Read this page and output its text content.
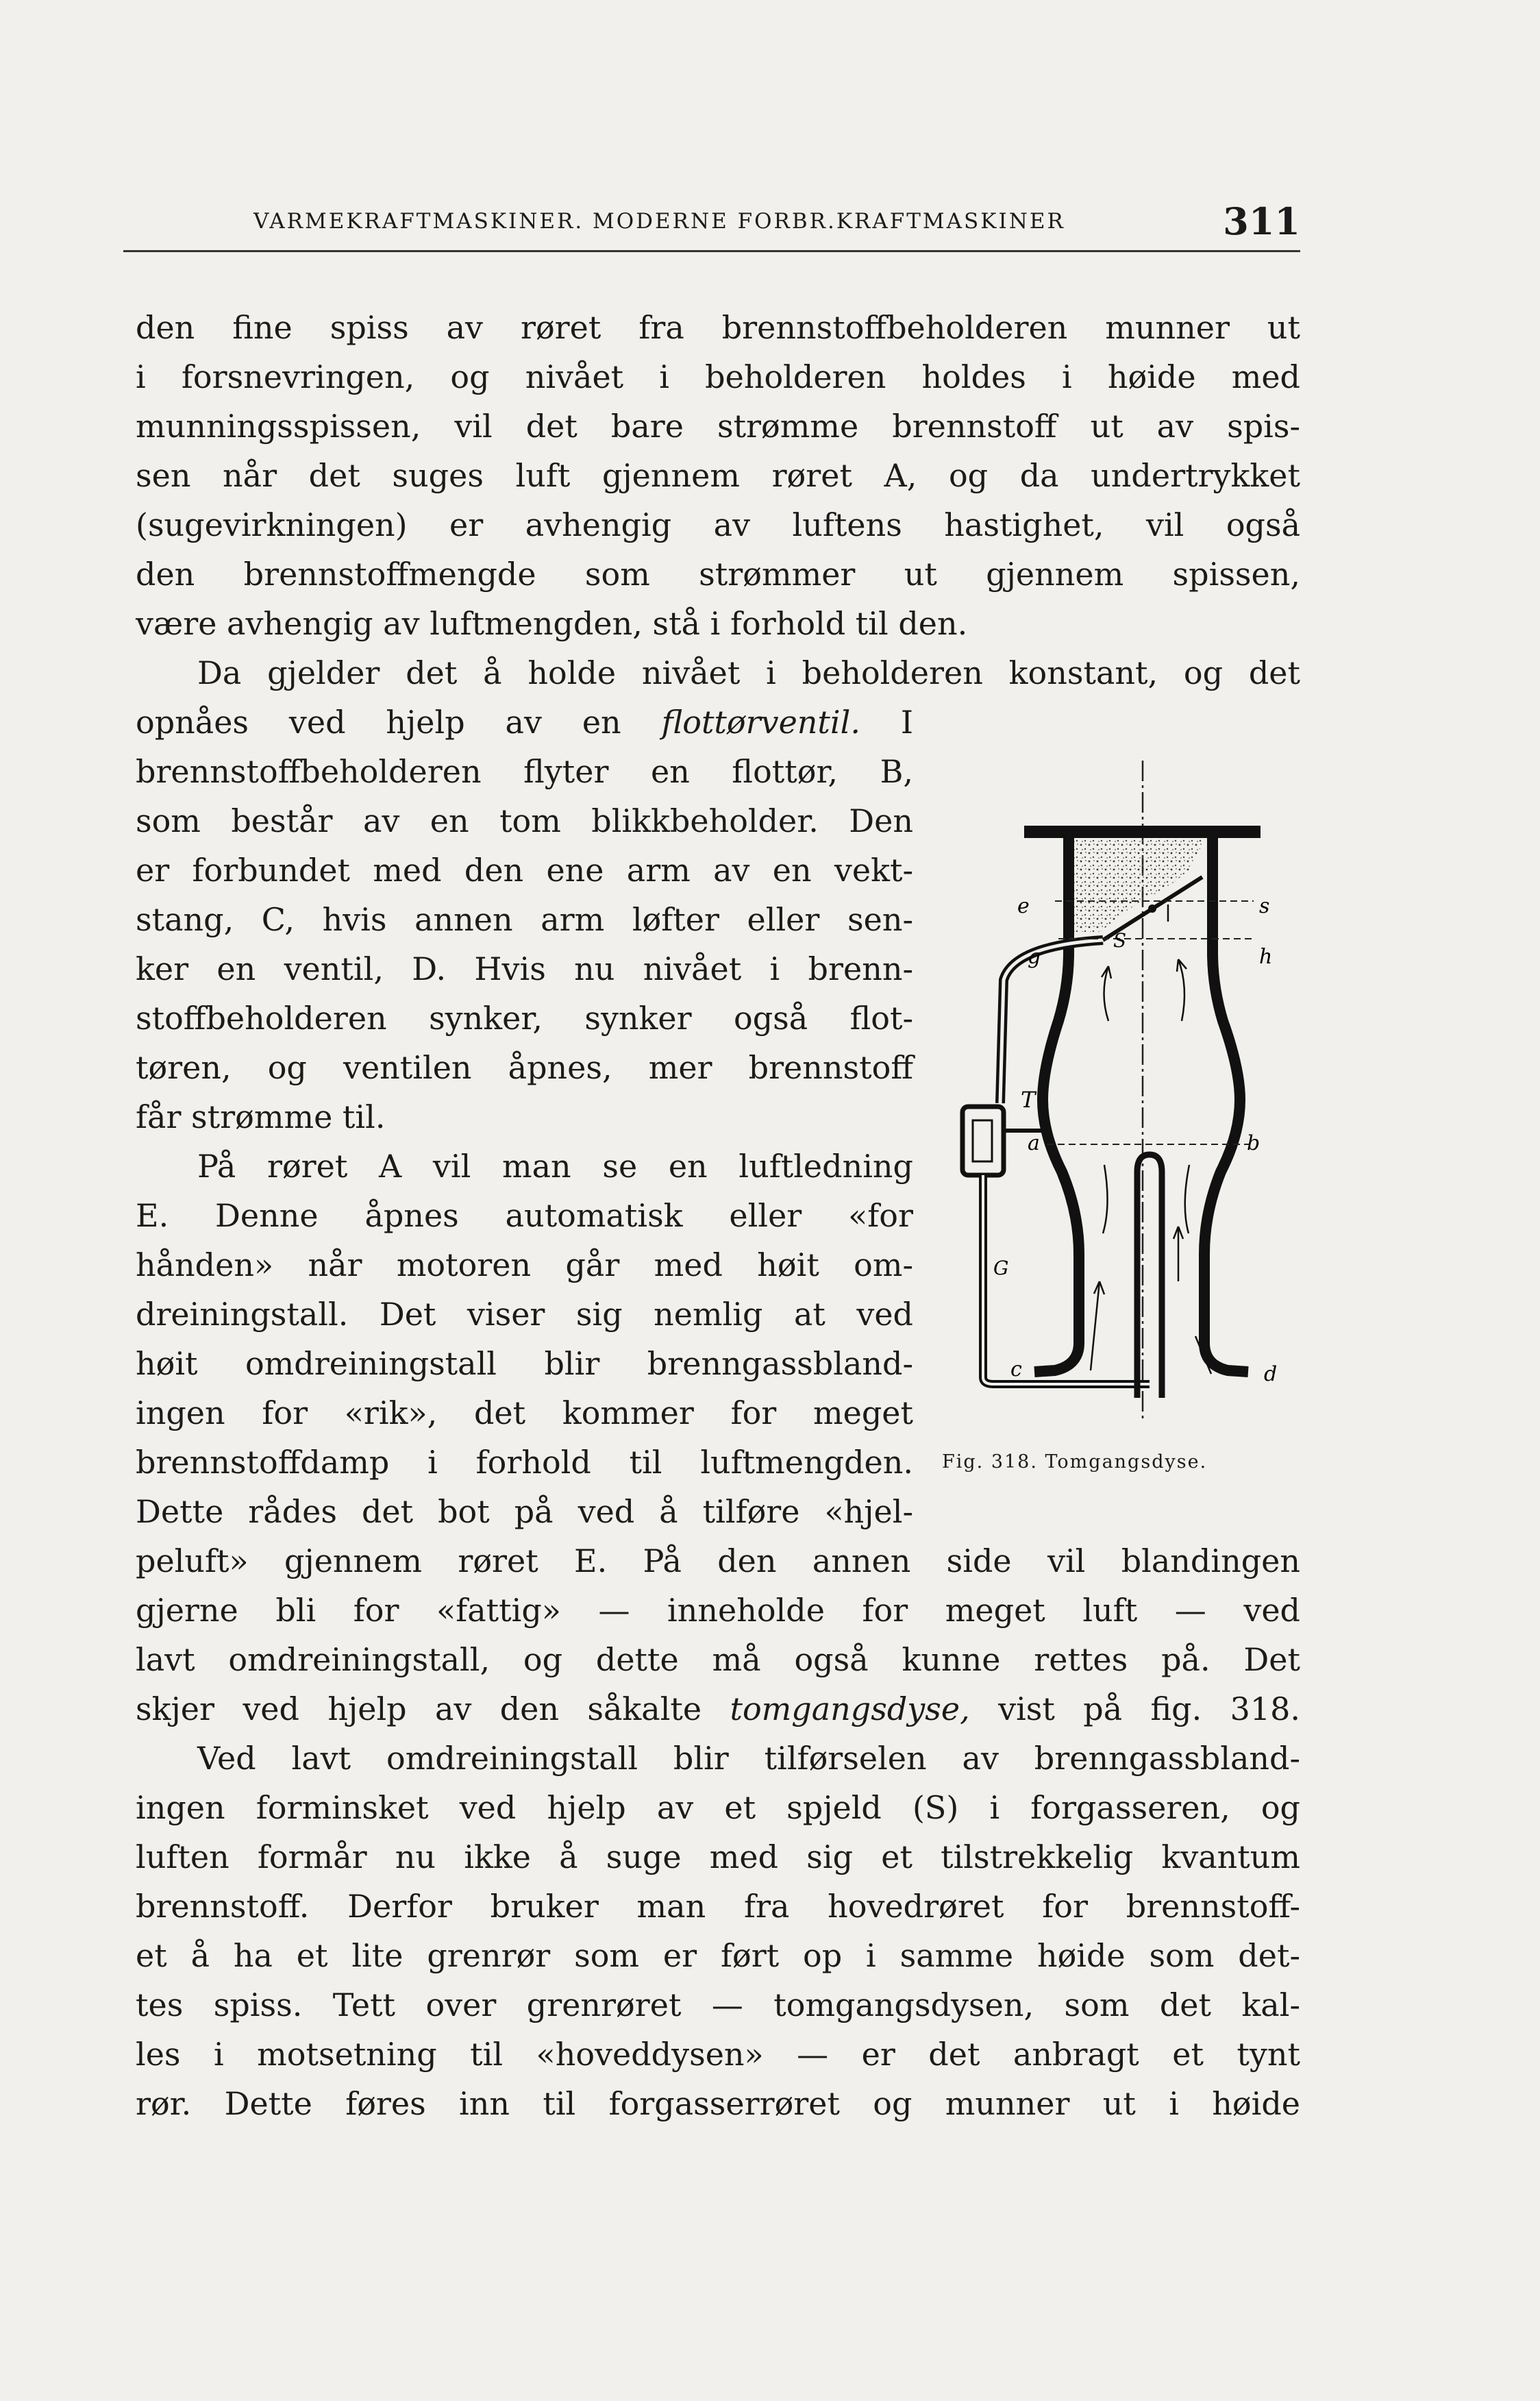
VARMEKRAFTMASKINER. MODERNE FORBR.KRAFTMASKINER	311
den fine spiss av røret fra brennstoffbeholderen munner ut
i forsnevringen, og nivået i beholderen holdes i høide med
munningsspissen, vil det bare strømme brennstoff ut av spis-
sen når det suges luft gjennem røret A, og da undertrykket
(sugevirkningen) er avhengig av luftens hastighet, vil også
den brennstoffmengde som strømmer ut gjennem spissen,
være avhengig av luftmengden, stå i forhold til den.
Da gjelder det å holde nivået i beholderen konstant, og det
opnåes ved hjelp av en flottørventil. I
brennstoffbeholderen flyter en flottør, B,
som består av en tom blikkbeholder. Den
er forbundet med den ene arm av en vekt-
stang, C, hvis annen arm løfter eller sen-
ker en ventil, D. Hvis nu nivået i brenn-
stoffbeholderen synker, synker også flot-
tøren, og ventilen åpnes, mer brennstoff
får strømme til.
På røret A vil man se en luftledning
E. Denne åpnes automatisk eller «for
hånden» når motoren går med høit om-
dreiningstall. Det viser sig nemlig at ved
høit omdreiningstall blir brenngassbland-
ingen for «rik», det kommer for meget
brennstoffdamp i forhold til luftmengden.
Dette rådes det bot på ved å tilføre «hjel-
peluft» gjennem røret E. På den annen side vil blandingen
gjerne bli for «fattig» — inneholde for meget luft — ved
lavt omdreiningstall, og dette må også kunne rettes på. Det
skjer ved hjelp av den såkalte tomgangsdyse, vist på fig. 318.
Ved lavt omdreiningstall blir tilførselen av brenngassbland-
ingen forminsket ved hjelp av et spjeld (S) i forgasseren, og
luften formår nu ikke å suge med sig et tilstrekkelig kvantum
brennstoff. Derfor bruker man fra hovedrøret for brennstoff-
et å ha et lite grenrør som er ført op i samme høide som det-
tes spiss. Tett over grenrøret — tomgangsdysen, som det kal-
les i motsetning til «hoveddysen» — er det anbragt et tynt
rør. Dette føres inn til forgasserrøret og munner ut i høide
e
S
s
g	h
T
a	b
G
c	d
Fig. 318. Tomgangsdyse.
